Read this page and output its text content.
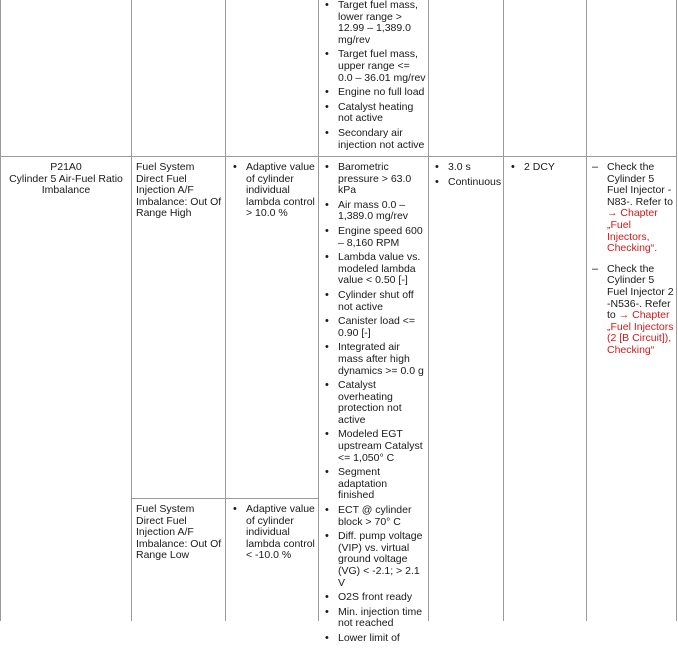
• Target fuel mass, lower range > 12.99 – 1,389.0 mg/rev
• Target fuel mass, upper range <= 0.0 – 36.01 mg/rev
• Engine no full load
• Catalyst heating not active
• Secondary air injection not active
P21A0
Cylinder 5 Air-Fuel Ratio Imbalance
Fuel System Direct Fuel Injection A/F Imbalance: Out Of Range High
Fuel System Direct Fuel Injection A/F Imbalance: Out Of Range Low
• Adaptive value of cylinder individual lambda control > 10.0 %
• Adaptive value of cylinder individual lambda control < -10.0 %
• Barometric pressure > 63.0 kPa
• Air mass 0.0 – 1,389.0 mg/rev
• Engine speed 600 – 8,160 RPM
• Lambda value vs. modeled lambda value < 0.50 [-]
• Cylinder shut off not active
• Canister load <= 0.90 [-]
• Integrated air mass after high dynamics >= 0.0 g
• Catalyst overheating protection not active
• Modeled EGT upstream Catalyst <= 1,050° C
• Segment adaptation finished
• ECT @ cylinder block > 70° C
• Diff. pump voltage (VIP) vs. virtual ground voltage (VG) < -2.1; > 2.1 V
• O2S front ready
• Min. injection time not reached
• Lower limit of
• 3.0 s
• Continuous
• 2 DCY
–	Check the Cylinder 5 Fuel Injector -N83-. Refer to → Chapter „Fuel Injectors, Checking“.
– Check the Cylinder 5 Fuel Injector 2 -N536-. Refer to → Chapter „Fuel Injectors (2 [B Circuit]), Checking“
